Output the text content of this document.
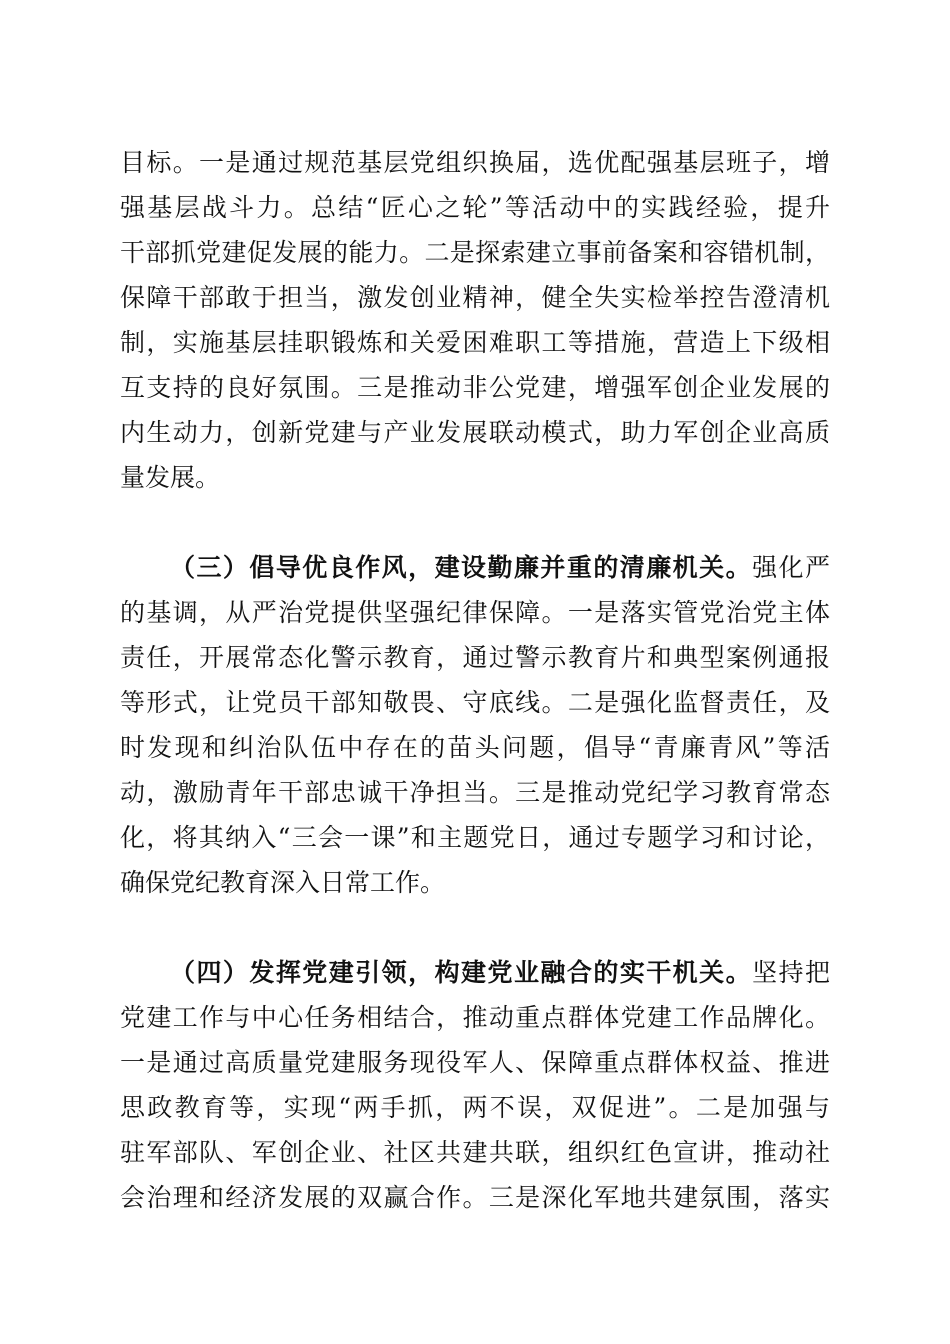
目标。一是通过规范基层党组织换届，选优配强基层班子，增
强基层战斗力。总结“匠心之轮”等活动中的实践经验，提升
干部抓党建促发展的能力。二是探索建立事前备案和容错机制，
保障干部敢于担当，激发创业精神，健全失实检举控告澄清机
制，实施基层挂职锻炼和关爱困难职工等措施，营造上下级相
互支持的良好氛围。三是推动非公党建，增强军创企业发展的
内生动力，创新党建与产业发展联动模式，助力军创企业高质
量发展。
（三）倡导优良作风，建设勤廉并重的清廉机关。强化严
的基调，从严治党提供坚强纪律保障。一是落实管党治党主体
责任，开展常态化警示教育，通过警示教育片和典型案例通报
等形式，让党员干部知敬畏、守底线。二是强化监督责任，及
时发现和纠治队伍中存在的苗头问题，倡导“青廉青风”等活
动，激励青年干部忠诚干净担当。三是推动党纪学习教育常态
化，将其纳入“三会一课”和主题党日，通过专题学习和讨论，
确保党纪教育深入日常工作。
（四）发挥党建引领，构建党业融合的实干机关。坚持把
党建工作与中心任务相结合，推动重点群体党建工作品牌化。
一是通过高质量党建服务现役军人、保障重点群体权益、推进
思政教育等，实现“两手抓，两不误，双促进”。二是加强与
驻军部队、军创企业、社区共建共联，组织红色宣讲，推动社
会治理和经济发展的双赢合作。三是深化军地共建氛围，落实
